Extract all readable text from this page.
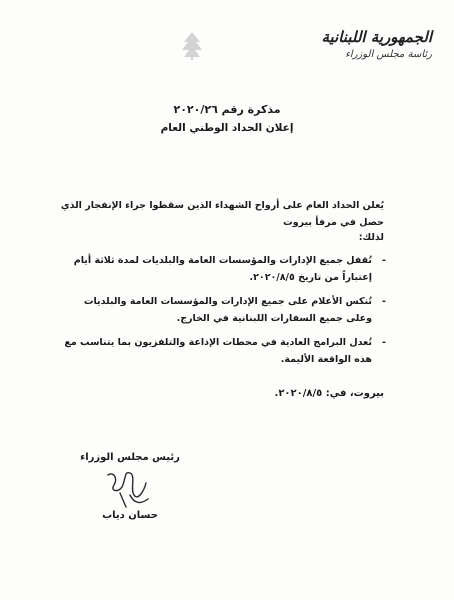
الجمهورية اللبنانية
رئاسة مجلس الوزراء
مذكرة رقم ٢٠٢٠/٢٦
إعلان الحداد الوطني العام
يُعلن الحداد العام على أرواح الشهداء الذين سقطوا جراء الإنفجار الذي حصل في مرفأ بيروت
لذلك:
-
تُقفل جميع الإدارات والمؤسسات العامة والبلديات لمدة ثلاثة أيام إعتباراً من تاريخ ٢٠٢٠/٨/٥.
-
تُنكس الأعلام على جميع الإدارات والمؤسسات العامة والبلديات وعلى جميع السفارات اللبنانية في الخارج.
-
تُعدل البرامج العادية في محطات الإذاعة والتلفزيون بما يتناسب مع هذه الواقعة الأليمة.
بيروت، في: ٢٠٢٠/٨/٥.
رئيس مجلس الوزراء
حسان دياب
